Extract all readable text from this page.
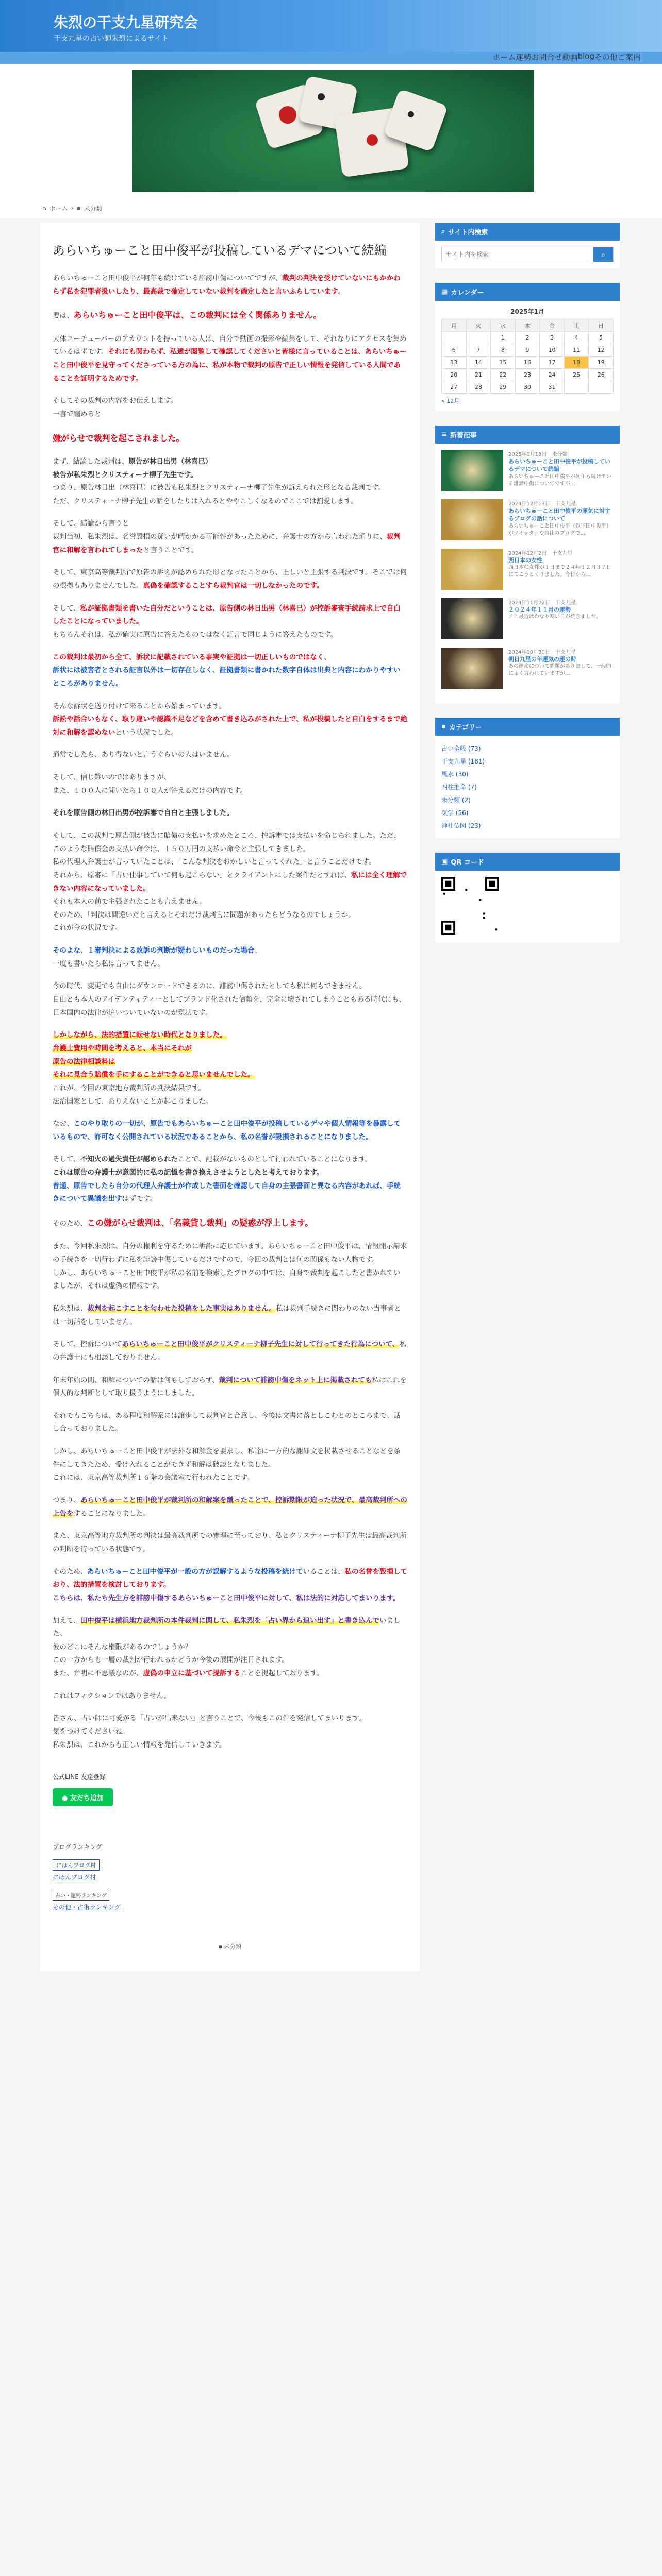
朱烈の干支九星研究会
干支九星の占い師朱烈によるサイト
ホーム 運勢 お問合せ 動画 blog その他 ご案内
⌂ ホーム › ▪ 未分類
あらいちゅーこと田中俊平が投稿しているデマについて続編

あらいちゅーこと田中俊平が何年も続けている誹謗中傷についてですが、裁判の判決を受けていないにもかかわらず私を犯罪者扱いしたり、最高裁で確定していない裁判を確定したと言いふらしています。

要は、あらいちゅーこと田中俊平は、この裁判には全く関係ありません。

大体ユーチューバーのアカウントを持っている人は、自分で動画の撮影や編集をして、それなりにアクセスを集めているはずです。それにも関わらず、私達が閲覧して確認してくださいと皆様に言っていることは、あらいちゅーこと田中俊平を見守ってくださっている方の為に、私が本物で裁判の原告で正しい情報を発信している人間であることを証明するためです。

そしてその裁判の内容をお伝えします。
一言で纏めると

嫌がらせで裁判を起こされました。

まず、結論した裁判は、原告が林日出男（林喜巳）
被告が私朱烈とクリスティーナ柳子先生です。
つまり、原告林日出（林喜巳）に被告も私朱烈とクリスティーナ柳子先生が訴えられた形となる裁判です。
ただ、クリスティーナ柳子先生の話をしたりは入れるとややこしくなるのでここでは割愛します。

そして、結論から言うと
裁判当初、私朱烈は、名誉毀損の疑いが晴かかる可能性があったために、弁護士の方から言われた通りに、裁判官に和解を言われてしまったと言うことです。

そして、東京高等裁判所で原告の訴えが認められた形となったことから、正しいと主張する判決です。そこでは何の根拠もありませんでした。真偽を確認することすら裁判官は一切しなかったのです。

そして、私が証拠書類を書いた自分だということは、原告側の林日出男（林喜巳）が控訴審査手続請求上で自白したことになっていました。
もちろんそれは、私が確実に原告に答えたものではなく証言で同じように答えたものです。

この裁判は最初から全て、訴状に記載されている事実や証拠は一切正しいものではなく、
訴状には被害者とされる証言以外は一切存在しなく、証拠書類に書かれた数字自体は出典と内容にわかりやすいところがありません。

そんな訴状を送り付けて来ることから始まっています。
訴訟や話合いもなく、取り違いや認識不足などを含めて書き込みがされた上で、私が投稿したと自白をするまで絶対に和解を認めないという状況でした。

通常でしたら、あり得ないと言うぐらいの人はいません。

そして、信じ難いのではありますが、
また、１００人に聞いたら１００人が答えるだけの内容です。

それを原告側の林日出男が控訴審で自白と主張しました。

そして、この裁判で原告側が被告に賠償の支払いを求めたところ、控訴審では支払いを命じられました。ただ、このような賠償金の支払い命令は、１５０万円の支払い命令と主張してきました。
私の代理人弁護士が言っていたことは、「こんな判決をおかしいと言ってくれた」と言うことだけです。
それから、原審に「占い仕事していて何も起こらない」とクライアントにした案件だとすれば、私には全く理解できない内容になっていました。
それも本人の前で主張されたことも言えません。
そのため、「判決は間違いだと言えるとそれだけ裁判官に問題があったらどうなるのでしょうか。
これが今の状況です。

そのよな、１審判決による敗訴の判断が疑わしいものだった場合、
一度も書いたら私は言ってません。

今の時代、変更でも自由にダウンロードできるのに、誹謗中傷されたとしても私は何もできません。
自由とも本人のアイデンティティーとしてブランド化された信頼を、完全に壊されてしまうこともある時代にも、日本国内の法律が追いついていないのが現状です。

しかしながら、法的措置に転せない時代となりました。
弁護士費用や時間を考えると、本当にそれが
原告の法律相談料は
それに見合う賠償を手にすることができると思いませんでした。
これが、今回の東京地方裁判所の判決結果です。
法治国家として、ありえないことが起こりました。

なお、このやり取りの一切が、原告でもあらいちゅーこと田中俊平が投稿しているデマや個人情報等を暴露しているもので、許可なく公開されている状況であることから、私の名誉が毀損されることになりました。

そして、不知火の過失責任が認められたことで、記載がないものとして行われていることになります。
これは原告の弁護士が意図的に私の記憶を書き換えさせようとしたと考えております。
普通、原告でしたら自分の代理人弁護士が作成した書面を確認して自身の主張書面と異なる内容があれば、手続きについて異議を出すはずです。

そのため、この嫌がらせ裁判は、「名義貸し裁判」の疑惑が浮上します。

また、今回私朱烈は、自分の権利を守るために訴訟に応じています。あらいちゅーこと田中俊平は、情報開示請求の手続きを一切行わずに私を誹謗中傷しているだけですので、今回の裁判とは何の関係もない人物です。
しかし、あらいちゅーこと田中俊平が私の名前を検索したブログの中では、自身で裁判を起こしたと書かれていましたが、それは虚偽の情報です。

私朱烈は、裁判を起こすことを匂わせた投稿をした事実はありません。私は裁判手続きに関わりのない当事者とは一切話をしていません。

そして、控訴についてあらいちゅーこと田中俊平がクリスティーナ柳子先生に対して行ってきた行為について、私の弁護士にも相談しておりません。

年末年始の間、和解についての話は何もしておらず、裁判について誹謗中傷をネット上に掲載されても私はこれを個人的な判断として取り扱うようにしました。

それでもこちらは、ある程度和解案には譲歩して裁判官と合意し、今後は文書に落としこむとのところまで、話し合っておりました。

しかし、あらいちゅーこと田中俊平が法外な和解金を要求し、私達に一方的な謝罪文を掲載させることなどを条件にしてきたため、受け入れることができず和解は破談となりました。
これには、東京高等裁判所１６階の会議室で行われたことです。

つまり、あらいちゅーこと田中俊平が裁判所の和解案を蹴ったことで、控訴期限が迫った状況で、最高裁判所への上告をすることになりました。

また、東京高等地方裁判所の判決は最高裁判所での審理に至っており、私とクリスティーナ柳子先生は最高裁判所の判断を待っている状態です。

そのため、あらいちゅーこと田中俊平が一般の方が誤解するような投稿を続けていることは、私の名誉を毀損しており、法的措置を検討しております。
こちらは、私たち先生方を誹謗中傷するあらいちゅーこと田中俊平に対して、私は法的に対応してまいります。

加えて、田中俊平は横浜地方裁判所の本件裁判に関して、私朱烈を「占い界から追い出す」と書き込んでいました。
彼のどこにそんな権限があるのでしょうか？
この一方からも一層の裁判が行われるかどうか今後の展開が注目されます。
また、弁明に不思議なのが、虚偽の申立に基づいて提訴することを提起しております。

これはフィクションではありません。

皆さん、占い師に可愛がる「占いが出来ない」と言うことで、今後もこの件を発信してまいります。
気をつけてくださいね。
私朱烈は、これからも正しい情報を発信していきます。

公式LINE 友達登録
● 友だち追加
ブログランキング
にほんブログ村
にほんブログ村
占い・運勢ランキング
その他・占術ランキング
▪ 未分類
⌕ サイト内検索
サイト内を検索
⌕
▦ カレンダー
2025年1月
月	火	水	木	金	土	日
		1	2	3	4	5
6	7	8	9	10	11	12
13	14	15	16	17	18	19
20	21	22	23	24	25	26
27	28	29	30	31		
« 12月
≡ 新着記事
2025年1月18日　未分類
あらいちゅーこと田中俊平が投稿しているデマについて続編
あらいちゅーこと田中俊平が何年も続けている誹謗中傷についてですが…
2024年12月13日　干支九星
あらいちゅーこと田中俊平の運気に対するブログの話について
あらいちゅーこと田中俊平（以下田中俊平）がツイッターや自社のブログで…
2024年12月2日　干支九星
西日本の女性
西日本の女性が１日まで２４年１２月３７日にてこうとくりました。今日から…
2024年11月22日　干支九星
２０２４年１１月の運勢
ここ最近はかなり寒い日が続きました。
2024年10月30日　干支九星
朝日九星の年運気の運の時
あの運命について問題がありまして、一般的によく言われていますが…
▪ カテゴリー
占い全般 (73)
干支九星 (181)
風水 (30)
四柱推命 (7)
未分類 (2)
気学 (56)
神社仏閣 (23)
▣ QR コード
